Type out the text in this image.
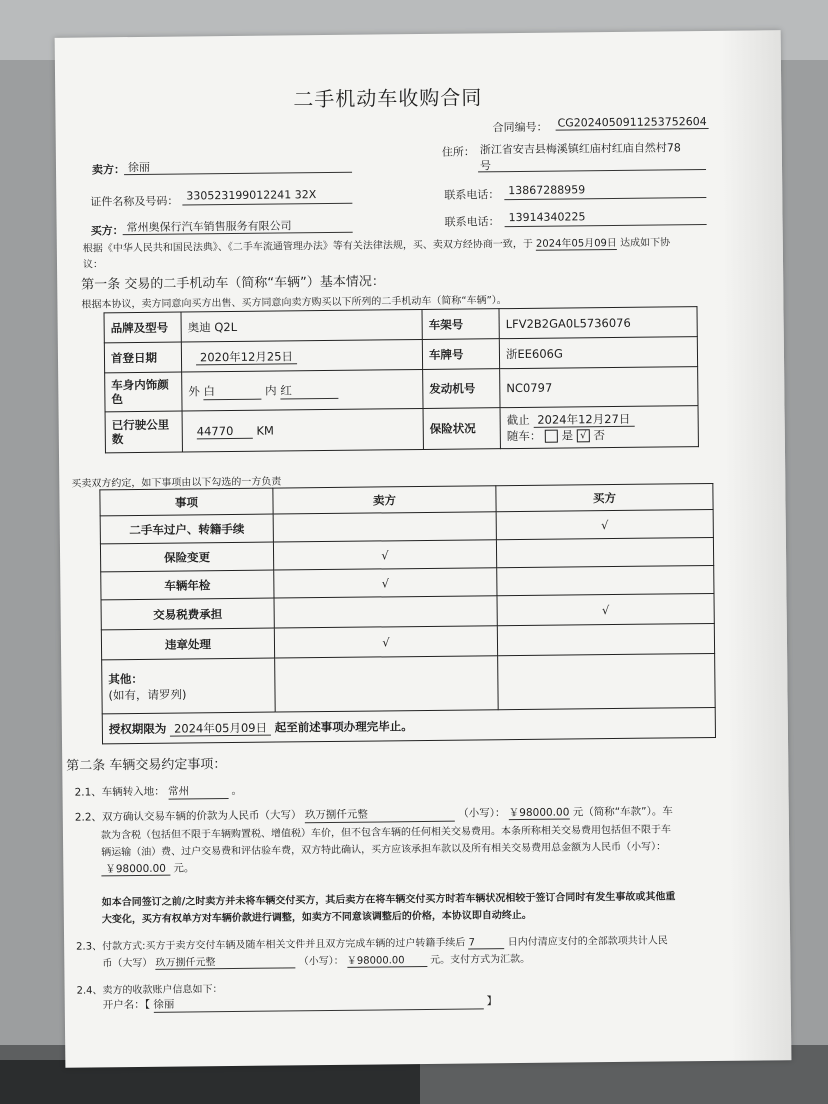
二手机动车收购合同
合同编号： CG2024050911253752604
卖方： 徐丽
住所： 浙江省安吉县梅溪镇红庙村红庙自然村78
号
证件名称及号码： 330523199012241 32X	联系电话： 13867288959
买方： 常州奥保行汽车销售服务有限公司	联系电话： 13914340225
根据《中华人民共和国民法典》、《二手车流通管理办法》等有关法律法规，买、卖双方经协商一致，于 2024年05月09日 达成如下协
议：
第一条 交易的二手机动车（简称“车辆”）基本情况：
根据本协议，卖方同意向买方出售、买方同意向卖方购买以下所列的二手机动车（简称“车辆”）。
品牌及型号	奥迪 Q2L	车架号	LFV2B2GA0L5736076
首登日期	2020年12月25日	车牌号	浙EE606G
车身内饰颜色	外 白 内 红	发动机号	NC0797
已行驶公里数	44770 KM	保险状况	截止 2024年12月27日
随车： 是 √ 否
买卖双方约定，如下事项由以下勾选的一方负责
事项	卖方	买方
二手车过户、转籍手续		√
保险变更	√	
车辆年检	√	
交易税费承担		√
违章处理	√	

其他：
(如有，请罗列)		

授权期限为 2024年05月09日 起至前述事项办理完毕止。		
第二条 车辆交易约定事项：
2.1、车辆转入地： 常州	。
2.2、双方确认交易车辆的价款为人民币（大写） 玖万捌仟元整	（小写）： ￥98000.00 元（简称“车款”）。车
款为含税（包括但不限于车辆购置税、增值税）车价，但不包含车辆的任何相关交易费用。本条所称相关交易费用包括但不限于车
辆运输（油）费、过户交易费和评估验车费，双方特此确认，买方应该承担车款以及所有相关交易费用总金额为人民币（小写）：
￥98000.00 元。
如本合同签订之前/之时卖方并未将车辆交付买方，其后卖方在将车辆交付买方时若车辆状况相较于签订合同时有发生事故或其他重
大变化，买方有权单方对车辆价款进行调整，如卖方不同意该调整后的价格，本协议即自动终止。
2.3、付款方式:买方于卖方交付车辆及随车相关文件并且双方完成车辆的过户转籍手续后 7	日内付清应支付的全部款项共计人民
币（大写） 玖万捌仟元整	（小写）： ￥98000.00	元。支付方式为汇款。
2.4、卖方的收款账户信息如下：
开户名：【 徐丽	】
